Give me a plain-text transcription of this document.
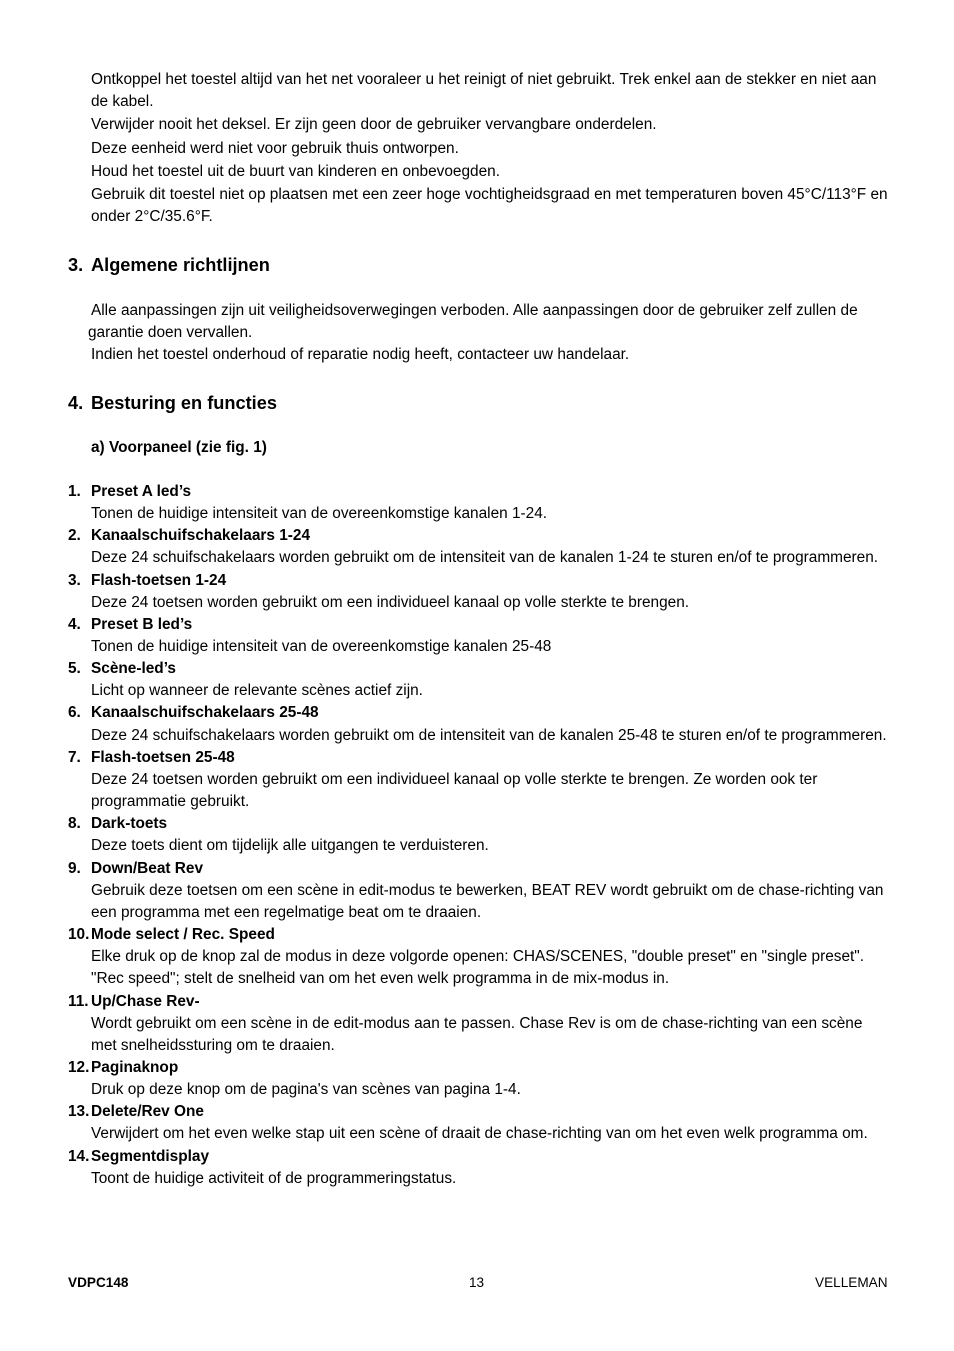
Ontkoppel het toestel altijd van het net vooraleer u het reinigt of niet gebruikt. Trek enkel aan de stekker en niet aan de kabel.

Verwijder nooit het deksel. Er zijn geen door de gebruiker vervangbare onderdelen.

Deze eenheid werd niet voor gebruik thuis ontworpen.

Houd het toestel uit de buurt van kinderen en onbevoegden.

Gebruik dit toestel niet op plaatsen met een zeer hoge vochtigheidsgraad en met temperaturen boven 45°C/113°F en onder 2°C/35.6°F.

3. Algemene richtlijnen

Alle aanpassingen zijn uit veiligheidsoverwegingen verboden. Alle aanpassingen door de gebruiker zelf zullen de garantie doen vervallen.

Indien het toestel onderhoud of reparatie nodig heeft, contacteer uw handelaar.

4. Besturing en functies
a) Voorpaneel (zie fig. 1)
1. Preset A led’s
Tonen de huidige intensiteit van de overeenkomstige kanalen 1-24.
2. Kanaalschuifschakelaars 1-24
Deze 24 schuifschakelaars worden gebruikt om de intensiteit van de kanalen 1-24 te sturen en/of te programmeren.
3. Flash-toetsen 1-24
Deze 24 toetsen worden gebruikt om een individueel kanaal op volle sterkte te brengen.
4. Preset B led’s
Tonen de huidige intensiteit van de overeenkomstige kanalen 25-48
5. Scène-led’s
Licht op wanneer de relevante scènes actief zijn.
6. Kanaalschuifschakelaars 25-48
Deze 24 schuifschakelaars worden gebruikt om de intensiteit van de kanalen 25-48 te sturen en/of te programmeren.
7. Flash-toetsen 25-48
Deze 24 toetsen worden gebruikt om een individueel kanaal op volle sterkte te brengen. Ze worden ook ter programmatie gebruikt.
8. Dark-toets
Deze toets dient om tijdelijk alle uitgangen te verduisteren.
9. Down/Beat Rev
Gebruik deze toetsen om een scène in edit-modus te bewerken, BEAT REV wordt gebruikt om de chase-richting van een programma met een regelmatige beat om te draaien.
10. Mode select / Rec. Speed
Elke druk op de knop zal de modus in deze volgorde openen: CHAS/SCENES, "double preset" en "single preset". "Rec speed"; stelt de snelheid van om het even welk programma in de mix-modus in.
11. Up/Chase Rev-
Wordt gebruikt om een scène in de edit-modus aan te passen. Chase Rev is om de chase-richting van een scène met snelheidssturing om te draaien.
12. Paginaknop
Druk op deze knop om de pagina's van scènes van pagina 1-4.
13. Delete/Rev One
Verwijdert om het even welke stap uit een scène of draait de chase-richting van om het even welk programma om.
14. Segmentdisplay
Toont de huidige activiteit of de programmeringstatus.
VDPC148	13	VELLEMAN
